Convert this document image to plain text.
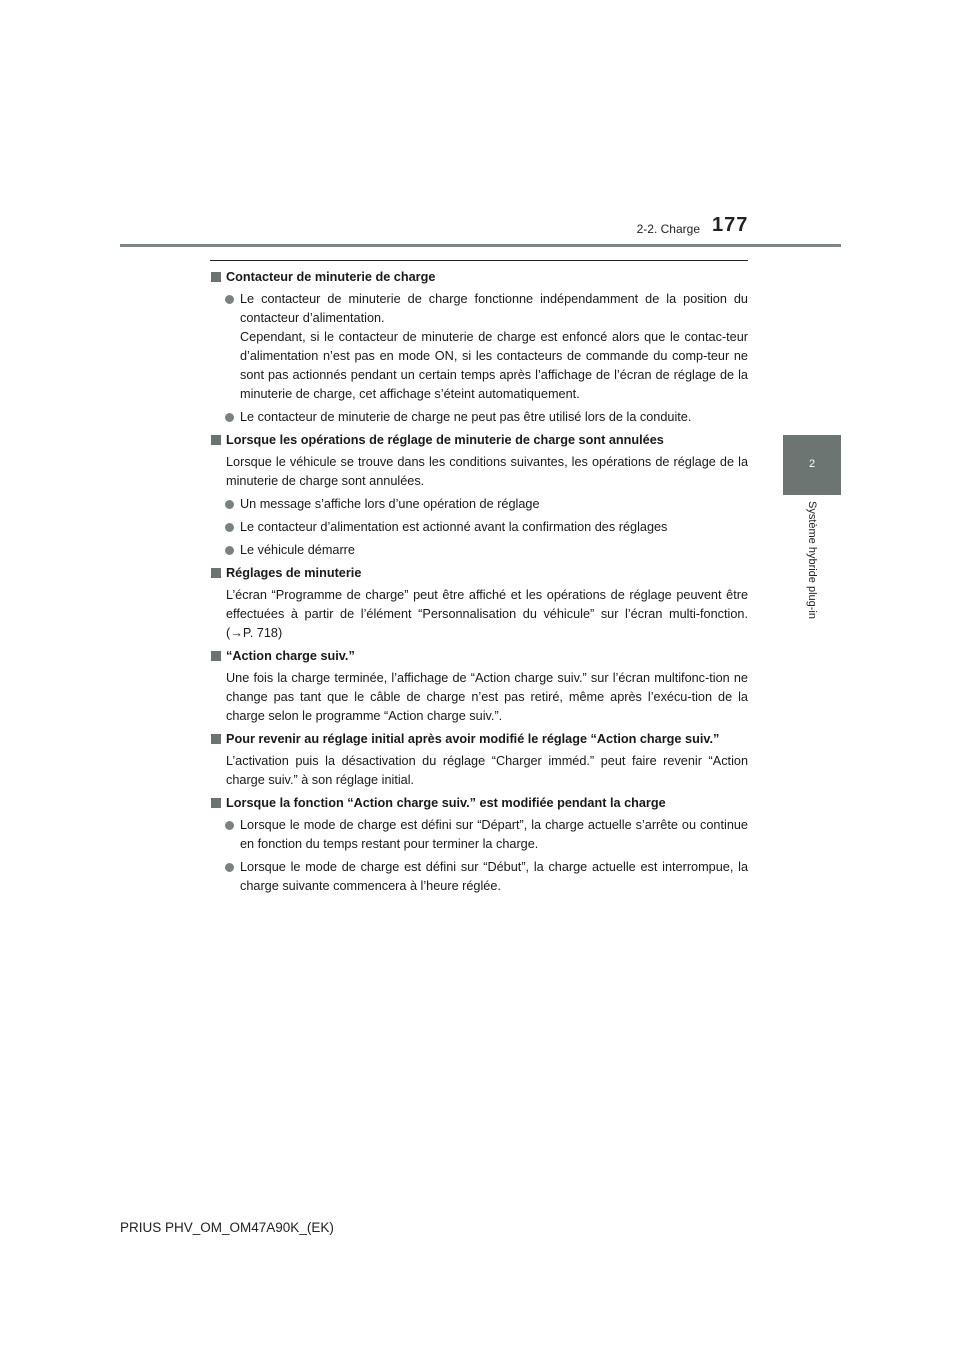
2-2. Charge 177
2
Système hybride plug-in
Contacteur de minuterie de charge
Le contacteur de minuterie de charge fonctionne indépendamment de la position du contacteur d’alimentation.
Cependant, si le contacteur de minuterie de charge est enfoncé alors que le contac-teur d’alimentation n’est pas en mode ON, si les contacteurs de commande du comp-teur ne sont pas actionnés pendant un certain temps après l’affichage de l’écran de réglage de la minuterie de charge, cet affichage s’éteint automatiquement.
Le contacteur de minuterie de charge ne peut pas être utilisé lors de la conduite.
Lorsque les opérations de réglage de minuterie de charge sont annulées
Lorsque le véhicule se trouve dans les conditions suivantes, les opérations de réglage de la minuterie de charge sont annulées.
Un message s’affiche lors d’une opération de réglage
Le contacteur d’alimentation est actionné avant la confirmation des réglages
Le véhicule démarre
Réglages de minuterie
L’écran “Programme de charge” peut être affiché et les opérations de réglage peuvent être effectuées à partir de l’élément “Personnalisation du véhicule” sur l’écran multi-fonction. (→P. 718)
“Action charge suiv.”
Une fois la charge terminée, l’affichage de “Action charge suiv.” sur l’écran multifonc-tion ne change pas tant que le câble de charge n’est pas retiré, même après l’exécu-tion de la charge selon le programme “Action charge suiv.”.
Pour revenir au réglage initial après avoir modifié le réglage “Action charge suiv.”
L’activation puis la désactivation du réglage “Charger imméd.” peut faire revenir “Action charge suiv.” à son réglage initial.
Lorsque la fonction “Action charge suiv.” est modifiée pendant la charge
Lorsque le mode de charge est défini sur “Départ”, la charge actuelle s’arrête ou continue en fonction du temps restant pour terminer la charge.
Lorsque le mode de charge est défini sur “Début”, la charge actuelle est interrompue, la charge suivante commencera à l’heure réglée.
PRIUS PHV_OM_OM47A90K_(EK)
